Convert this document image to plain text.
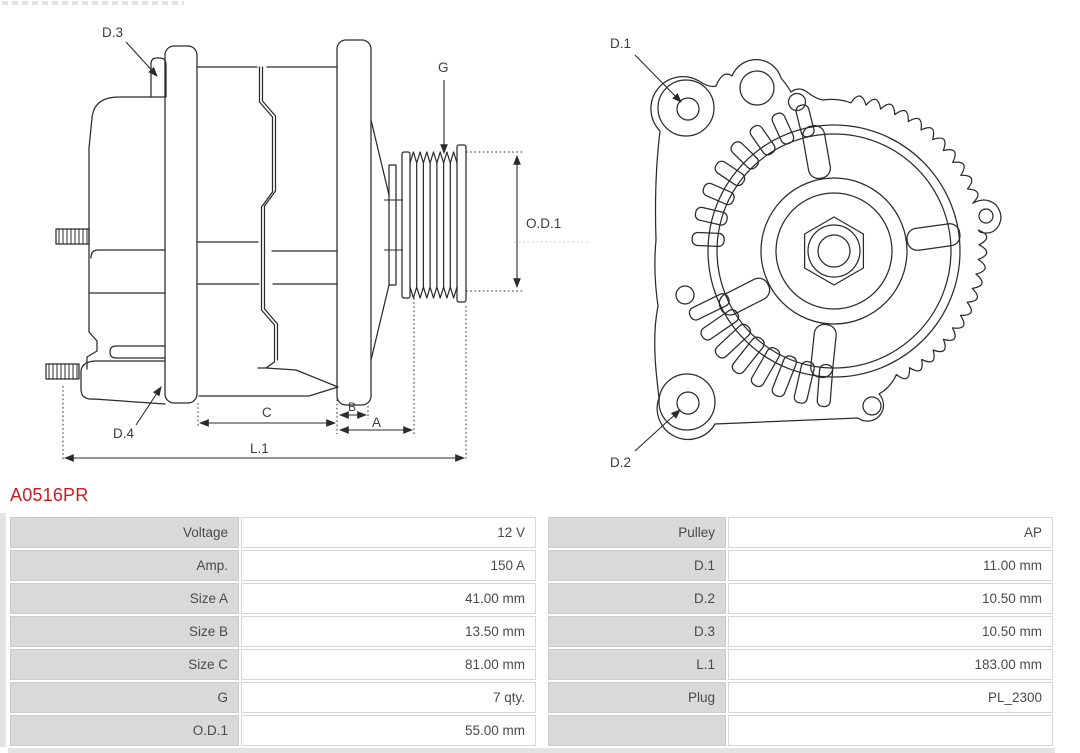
D.3
G
O.D.1
D.4
C	B
A
L.1
D.1
D.2
A0516PR
Voltage	12 V
Amp.	150 A
Size A	41.00 mm
Size B	13.50 mm
Size C	81.00 mm
G	7 qty.
O.D.1	55.00 mm
Pulley	AP
D.1	11.00 mm
D.2	10.50 mm
D.3	10.50 mm
L.1	183.00 mm
Plug	PL_2300
